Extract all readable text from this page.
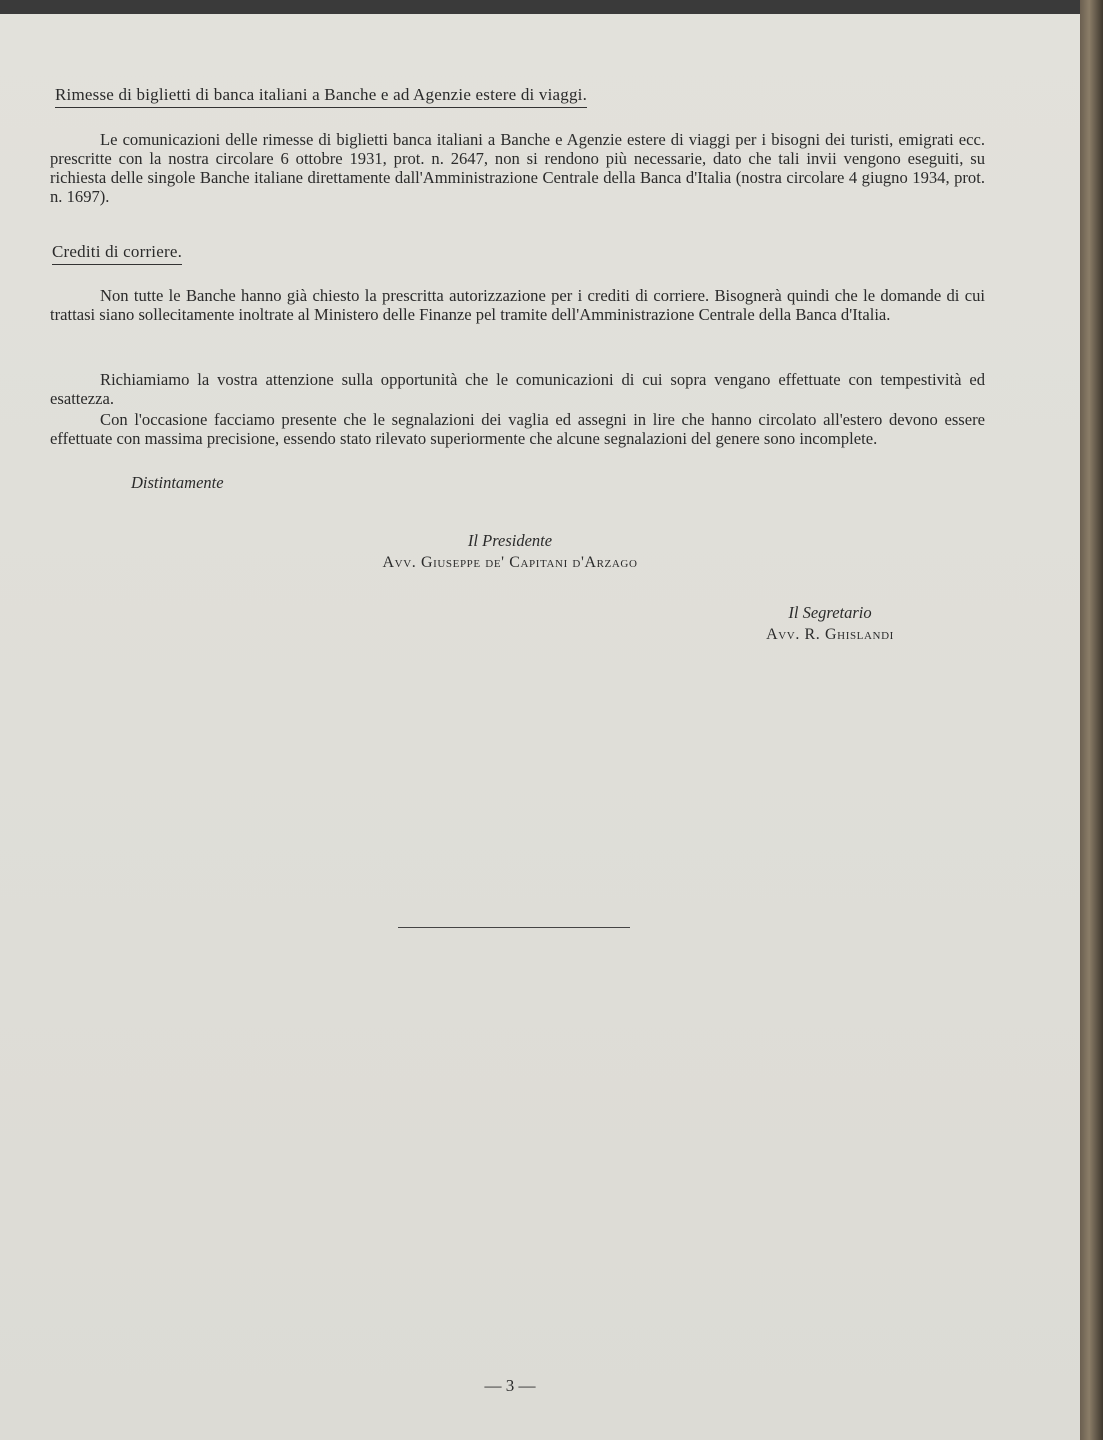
Rimesse di biglietti di banca italiani a Banche e ad Agenzie estere di viaggi.
Le comunicazioni delle rimesse di biglietti banca italiani a Banche e Agenzie estere di viaggi per i bisogni dei turisti, emigrati ecc. prescritte con la nostra circolare 6 ottobre 1931, prot. n. 2647, non si rendono più necessarie, dato che tali invii vengono eseguiti, su richiesta delle singole Banche italiane direttamente dall'Amministrazione Centrale della Banca d'Italia (nostra circolare 4 giugno 1934, prot. n. 1697).
Crediti di corriere.
Non tutte le Banche hanno già chiesto la prescritta autorizzazione per i crediti di corriere. Bisognerà quindi che le domande di cui trattasi siano sollecitamente inoltrate al Ministero delle Finanze pel tramite dell'Amministrazione Centrale della Banca d'Italia.
Richiamiamo la vostra attenzione sulla opportunità che le comunicazioni di cui sopra vengano effettuate con tempestività ed esattezza.
Con l'occasione facciamo presente che le segnalazioni dei vaglia ed assegni in lire che hanno circolato all'estero devono essere effettuate con massima precisione, essendo stato rilevato superiormente che alcune segnalazioni del genere sono incomplete.
Distintamente
Il Presidente
Avv. Giuseppe de' Capitani d'Arzago
Il Segretario
Avv. R. Ghislandi
— 3 —
